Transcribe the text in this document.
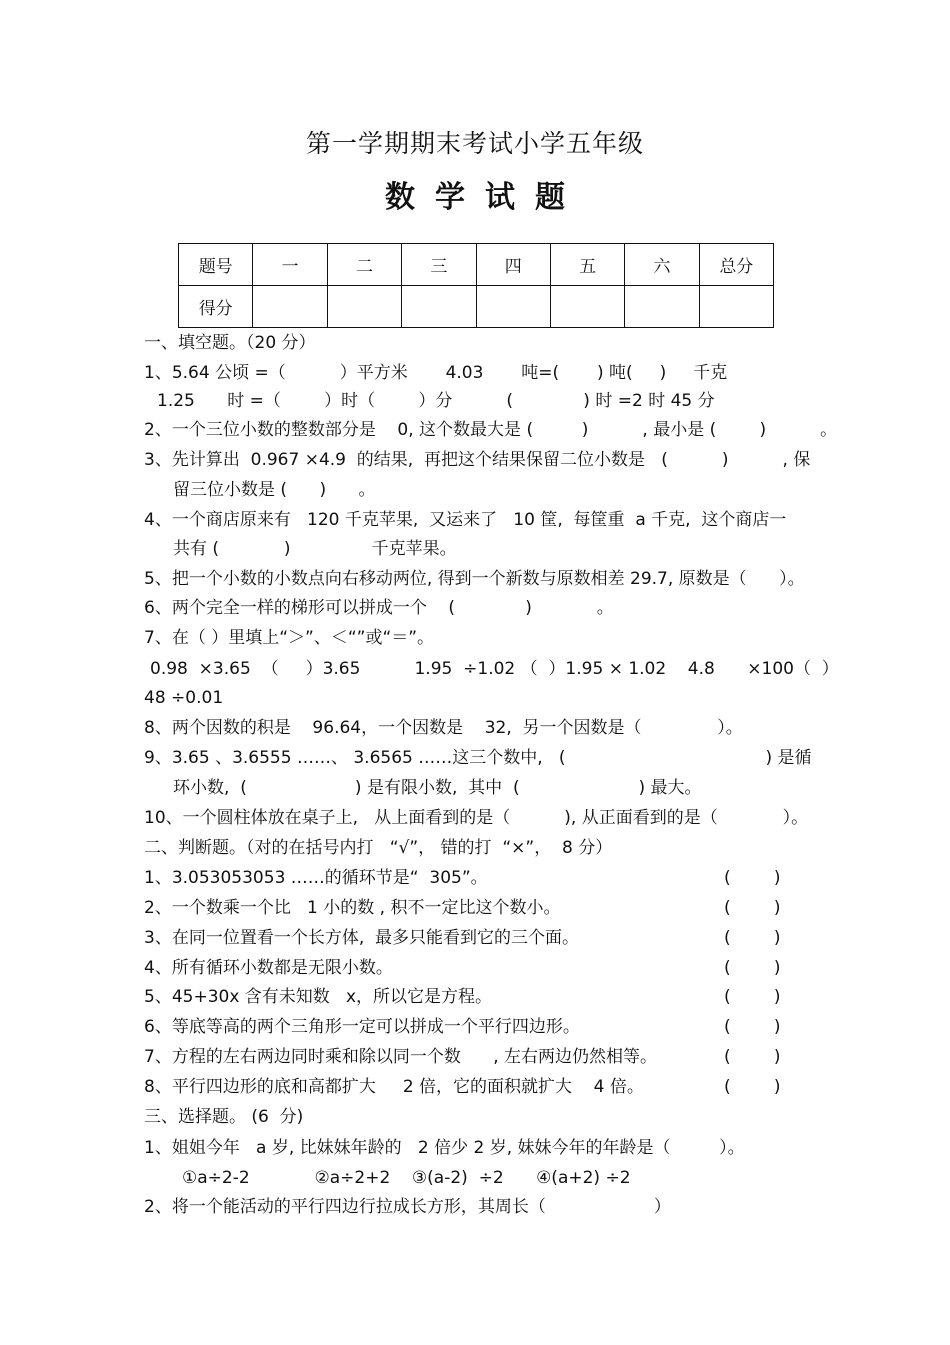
第一学期期末考试小学五年级
数学试题
题号	一	二	三	四	五	六	总分
得分							
一、填空题。（20 分）
1、5.64 公顷 =（          ）平方米       4.03       吨=(       ) 吨(     )     千克
1.25      时 =（        ）时（        ）分          (             ) 时 =2 时 45 分
2、一个三位小数的整数部分是    0, 这个数最大是 (         )          , 最小是 (        )          。
3、先计算出  0.967 ×4.9  的结果,  再把这个结果保留二位小数是   (          )          , 保
留三位小数是 (      )      。
4、一个商店原来有   120 千克苹果,  又运来了   10 筐,  每筐重  a 千克,  这个商店一
共有 (            )               千克苹果。
5、把一个小数的小数点向右移动两位, 得到一个新数与原数相差 29.7, 原数是（      ）。
6、两个完全一样的梯形可以拼成一个    (             )            。
7、在（ ）里填上“＞”、＜“”或“＝”。
0.98  ×3.65  （     ）3.65          1.95  ÷1.02 （  ）1.95 × 1.02    4.8      ×100（  ）
48 ÷0.01
8、两个因数的积是    96.64，一个因数是    32,  另一个因数是（              ）。
9、3.65 、3.6555 ……、 3.6565 ……这三个数中,   (                                     ) 是循
环小数,  (                    ) 是有限小数,  其中  (                      ) 最大。
10、一个圆柱体放在桌子上,   从上面看到的是（          ), 从正面看到的是（            ）。
二、判断题。（对的在括号内打   “√”， 错的打  “×”，  8 分）
1、3.053053053 ……的循环节是“  305”。	(        )
2、一个数乘一个比   1 小的数 , 积不一定比这个数小。	(        )
3、在同一位置看一个长方体,  最多只能看到它的三个面。	(        )
4、所有循环小数都是无限小数。	(        )
5、45+30x 含有未知数   x，所以它是方程。	(        )
6、等底等高的两个三角形一定可以拼成一个平行四边形。	(        )
7、方程的左右两边同时乘和除以同一个数      , 左右两边仍然相等。	(        )
8、平行四边形的底和高都扩大     2 倍，它的面积就扩大    4 倍。	(        )
三、选择题。 (6  分)
1、姐姐今年   a 岁, 比妹妹年龄的   2 倍少 2 岁, 妹妹今年的年龄是（         ）。
①a÷2-2            ②a÷2+2    ③(a-2)  ÷2      ④(a+2) ÷2
2、将一个能活动的平行四边行拉成长方形，其周长（                    ）
